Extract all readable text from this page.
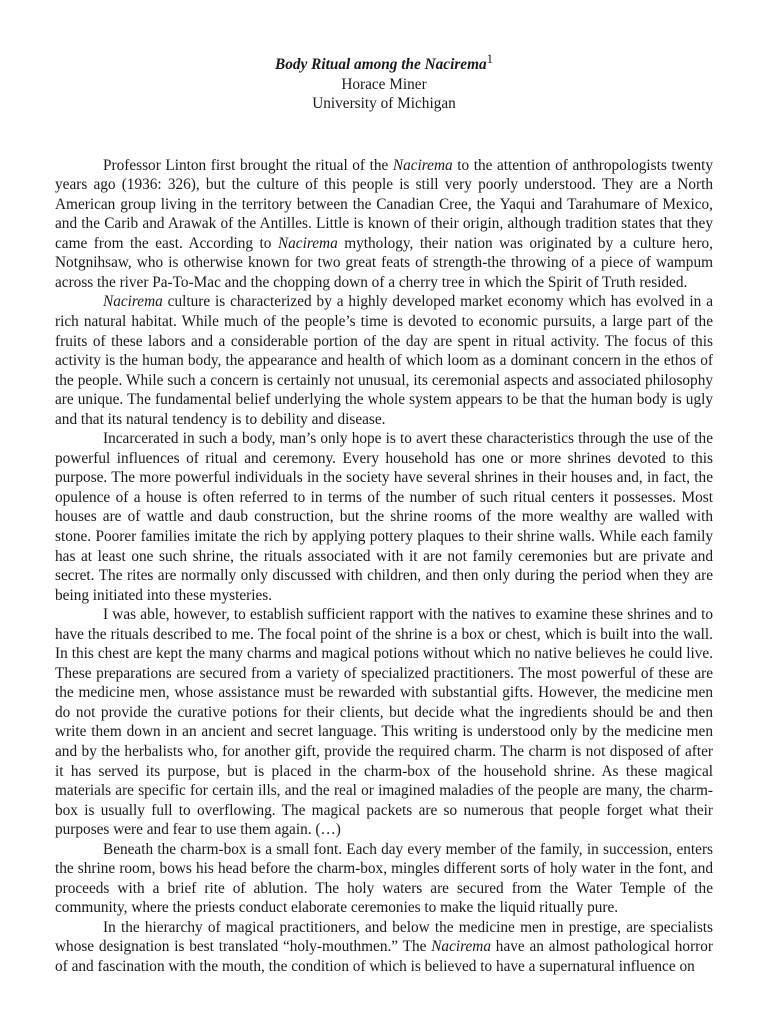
Body Ritual among the Nacirema$^1$
Horace Miner
University of Michigan

Professor Linton first brought the ritual of the Nacirema to the attention of anthropologists twenty years ago (1936: 326), but the culture of this people is still very poorly understood. They are a North American group living in the territory between the Canadian Cree, the Yaqui and Tarahumare of Mexico, and the Carib and Arawak of the Antilles. Little is known of their origin, although tradition states that they came from the east. According to Nacirema mythology, their nation was originated by a culture hero, Notgnihsaw, who is otherwise known for two great feats of strength-the throwing of a piece of wampum across the river Pa-To-Mac and the chopping down of a cherry tree in which the Spirit of Truth resided.

Nacirema culture is characterized by a highly developed market economy which has evolved in a rich natural habitat. While much of the people’s time is devoted to economic pursuits, a large part of the fruits of these labors and a considerable portion of the day are spent in ritual activity. The focus of this activity is the human body, the appearance and health of which loom as a dominant concern in the ethos of the people. While such a concern is certainly not unusual, its ceremonial aspects and associated philosophy are unique. The fundamental belief underlying the whole system appears to be that the human body is ugly and that its natural tendency is to debility and disease.

Incarcerated in such a body, man’s only hope is to avert these characteristics through the use of the powerful influences of ritual and ceremony. Every household has one or more shrines devoted to this purpose. The more powerful individuals in the society have several shrines in their houses and, in fact, the opulence of a house is often referred to in terms of the number of such ritual centers it possesses. Most houses are of wattle and daub construction, but the shrine rooms of the more wealthy are walled with stone. Poorer families imitate the rich by applying pottery plaques to their shrine walls. While each family has at least one such shrine, the rituals associated with it are not family ceremonies but are private and secret. The rites are normally only discussed with children, and then only during the period when they are being initiated into these mysteries.

I was able, however, to establish sufficient rapport with the natives to examine these shrines and to have the rituals described to me. The focal point of the shrine is a box or chest, which is built into the wall. In this chest are kept the many charms and magical potions without which no native believes he could live. These preparations are secured from a variety of specialized practitioners. The most powerful of these are the medicine men, whose assistance must be rewarded with substantial gifts. However, the medicine men do not provide the curative potions for their clients, but decide what the ingredients should be and then write them down in an ancient and secret language. This writing is understood only by the medicine men and by the herbalists who, for another gift, provide the required charm. The charm is not disposed of after it has served its purpose, but is placed in the charm-box of the household shrine. As these magical materials are specific for certain ills, and the real or imagined maladies of the people are many, the charm-box is usually full to overflowing. The magical packets are so numerous that people forget what their purposes were and fear to use them again. (…)

Beneath the charm-box is a small font. Each day every member of the family, in succession, enters the shrine room, bows his head before the charm-box, mingles different sorts of holy water in the font, and proceeds with a brief rite of ablution. The holy waters are secured from the Water Temple of the community, where the priests conduct elaborate ceremonies to make the liquid ritually pure.

In the hierarchy of magical practitioners, and below the medicine men in prestige, are specialists whose designation is best translated “holy-mouthmen.” The Nacirema have an almost pathological horror of and fascination with the mouth, the condition of which is believed to have a supernatural influence on
